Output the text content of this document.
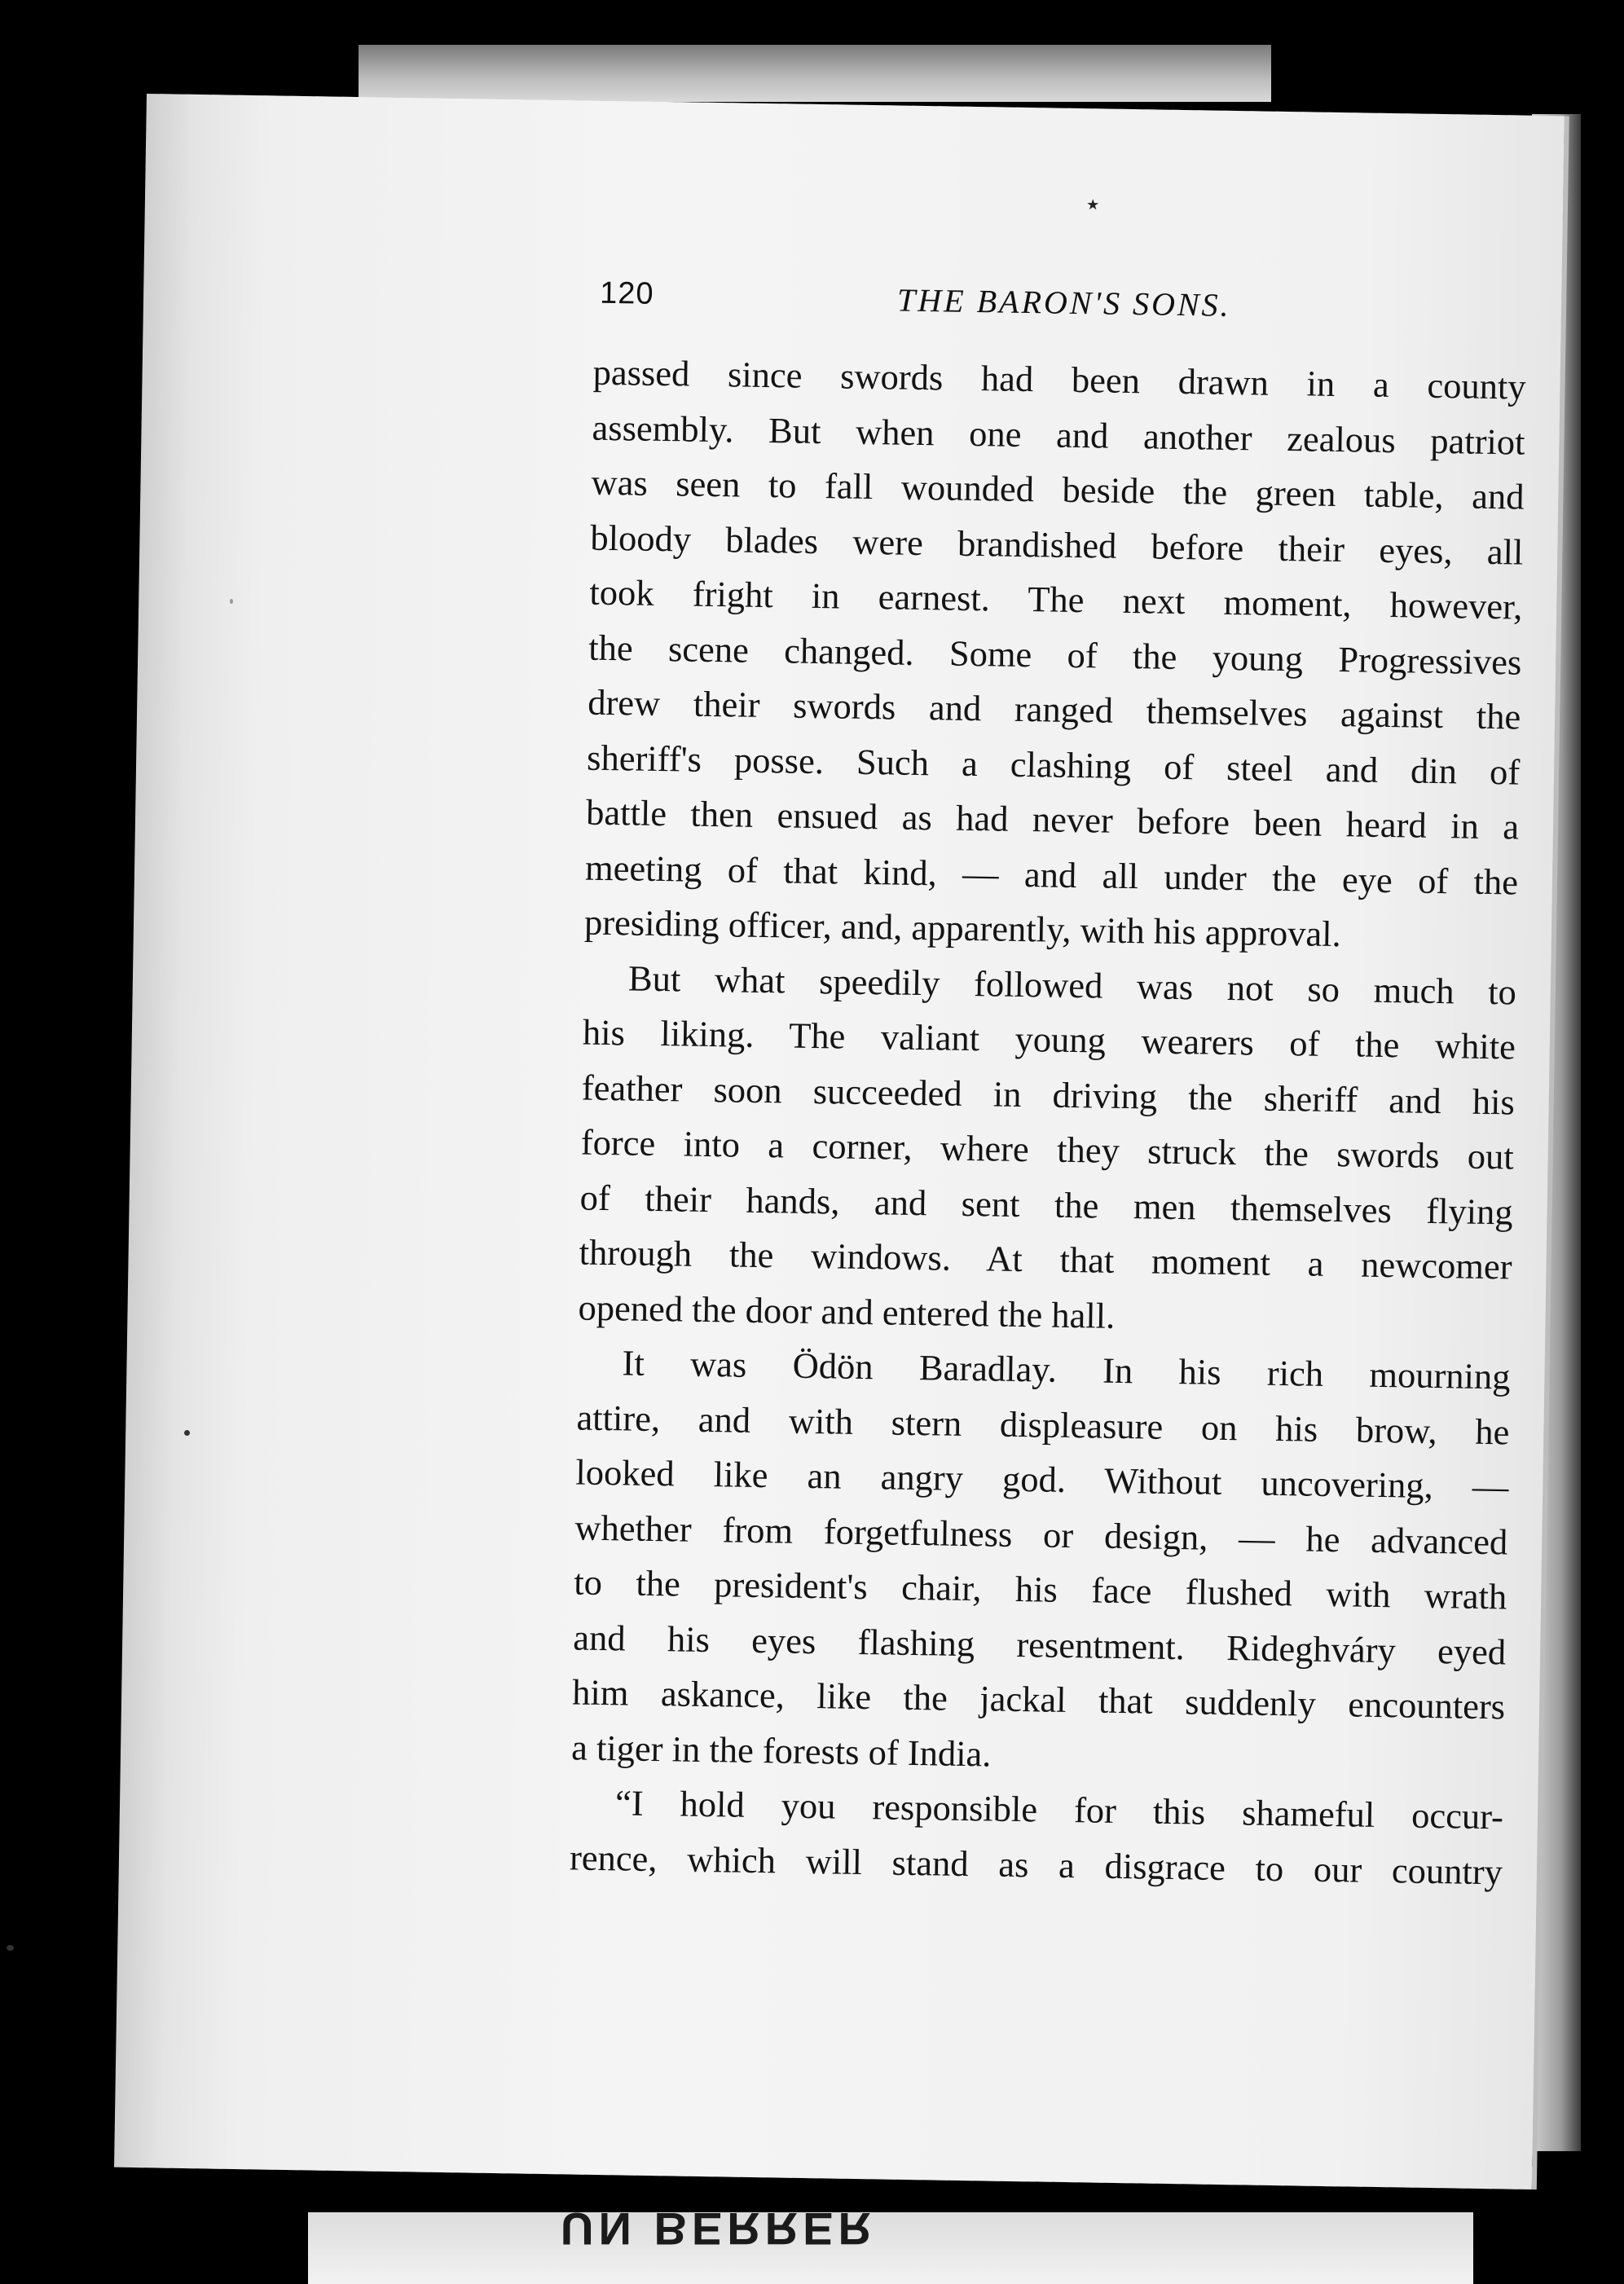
٭
120	THE BARON'S SONS.
passed since swords had been drawn in a county
assembly. But when one and another zealous patriot
was seen to fall wounded beside the green table, and
bloody blades were brandished before their eyes, all
took fright in earnest. The next moment, however,
the scene changed. Some of the young Progressives
drew their swords and ranged themselves against the
sheriff's posse. Such a clashing of steel and din of
battle then ensued as had never before been heard in a
meeting of that kind, — and all under the eye of the
presiding officer, and, apparently, with his approval.
But what speedily followed was not so much to
his liking. The valiant young wearers of the white
feather soon succeeded in driving the sheriff and his
force into a corner, where they struck the swords out
of their hands, and sent the men themselves flying
through the windows. At that moment a newcomer
opened the door and entered the hall.
It was Ödön Baradlay. In his rich mourning
attire, and with stern displeasure on his brow, he
looked like an angry god. Without uncovering, —
whether from forgetfulness or design, — he advanced
to the president's chair, his face flushed with wrath
and his eyes flashing resentment. Rideghváry eyed
him askance, like the jackal that suddenly encounters
a tiger in the forests of India.
“I hold you responsible for this shameful occur-
rence, which will stand as a disgrace to our country
UN BERRER
